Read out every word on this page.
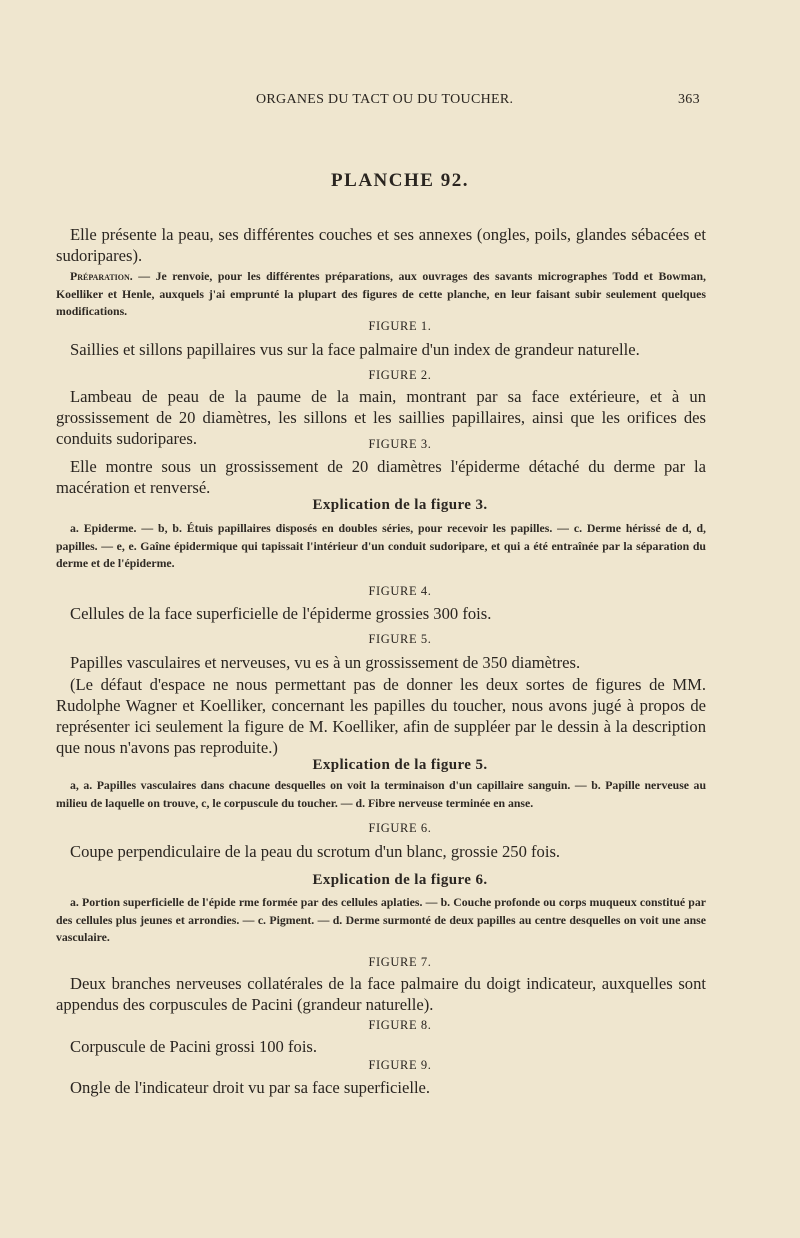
ORGANES DU TACT OU DU TOUCHER.	363
PLANCHE 92.
Elle présente la peau, ses différentes couches et ses annexes (ongles, poils, glandes sébacées et sudoripares).
Préparation. — Je renvoie, pour les différentes préparations, aux ouvrages des savants micrographes Todd et Bowman, Koelliker et Henle, auxquels j'ai emprunté la plupart des figures de cette planche, en leur faisant subir seulement quelques modifications.
FIGURE 1.
Saillies et sillons papillaires vus sur la face palmaire d'un index de grandeur naturelle.
FIGURE 2.
Lambeau de peau de la paume de la main, montrant par sa face extérieure, et à un grossissement de 20 diamètres, les sillons et les saillies papillaires, ainsi que les orifices des conduits sudoripares.	FIGURE 3.
Elle montre sous un grossissement de 20 diamètres l'épiderme détaché du derme par la macération et renversé.
Explication de la figure 3.
a. Epiderme. — b, b. Étuis papillaires disposés en doubles séries, pour recevoir les papilles. — c. Derme hérissé de d, d, papilles. — e, e. Gaîne épidermique qui tapissait l'intérieur d'un conduit sudoripare, et qui a été entraînée par la séparation du derme et de l'épiderme.
FIGURE 4.
Cellules de la face superficielle de l'épiderme grossies 300 fois.
FIGURE 5.
Papilles vasculaires et nerveuses, vu es à un grossissement de 350 diamètres.
(Le défaut d'espace ne nous permettant pas de donner les deux sortes de figures de MM. Rudolphe Wagner et Koelliker, concernant les papilles du toucher, nous avons jugé à propos de représenter ici seulement la figure de M. Koelliker, afin de suppléer par le dessin à la description que nous n'avons pas reproduite.)
Explication de la figure 5.
a, a. Papilles vasculaires dans chacune desquelles on voit la terminaison d'un capillaire sanguin. — b. Papille nerveuse au milieu de laquelle on trouve, c, le corpuscule du toucher. — d. Fibre nerveuse terminée en anse.
FIGURE 6.
Coupe perpendiculaire de la peau du scrotum d'un blanc, grossie 250 fois.
Explication de la figure 6.
a. Portion superficielle de l'épide rme formée par des cellules aplaties. — b. Couche profonde ou corps muqueux constitué par des cellules plus jeunes et arrondies. — c. Pigment. — d. Derme surmonté de deux papilles au centre desquelles on voit une anse vasculaire.
FIGURE 7.
Deux branches nerveuses collatérales de la face palmaire du doigt indicateur, auxquelles sont appendus des corpuscules de Pacini (grandeur naturelle).
FIGURE 8.
Corpuscule de Pacini grossi 100 fois.
FIGURE 9.
Ongle de l'indicateur droit vu par sa face superficielle.
